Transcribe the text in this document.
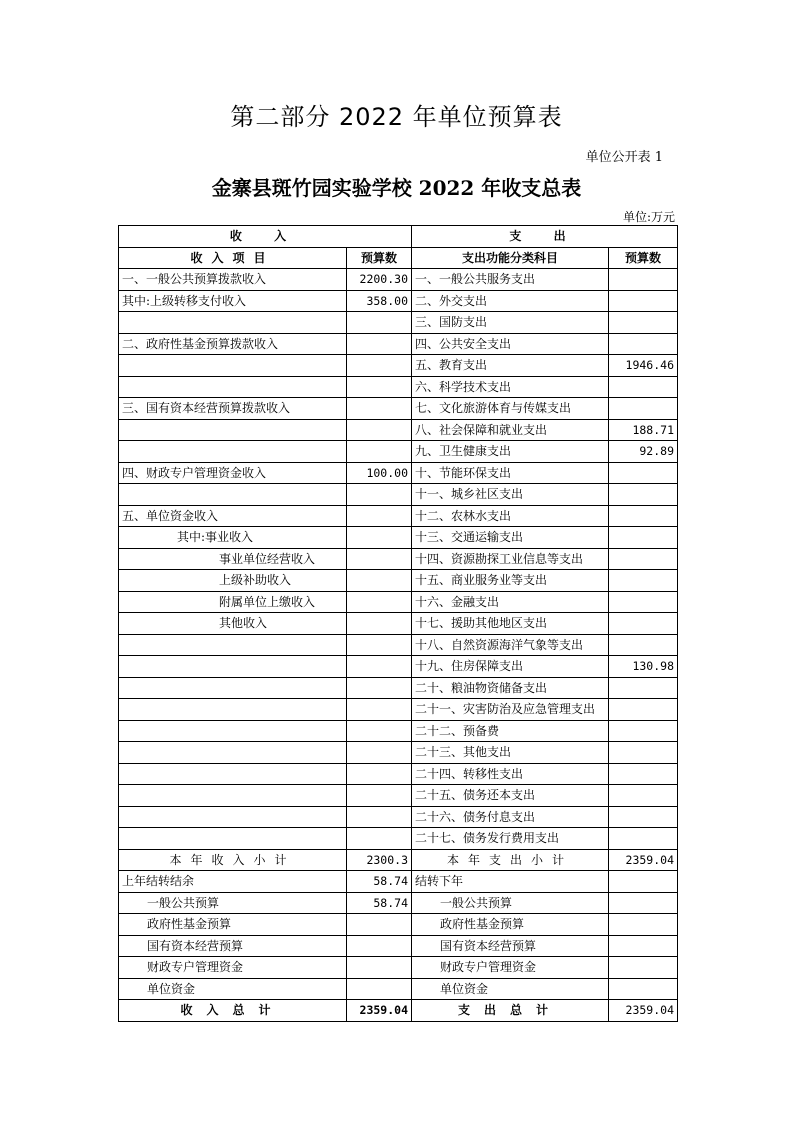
第二部分 2022 年单位预算表
单位公开表 1
金寨县斑竹园实验学校 2022 年收支总表
单位:万元
收 入		支 出	
收入项目	预算数	支出功能分类科目	预算数
一、一般公共预算拨款收入	2200.30	一、一般公共服务支出	
其中:上级转移支付收入	358.00	二、外交支出	
		三、国防支出	
二、政府性基金预算拨款收入		四、公共安全支出	
		五、教育支出	1946.46
		六、科学技术支出	
三、国有资本经营预算拨款收入		七、文化旅游体育与传媒支出	
		八、社会保障和就业支出	188.71
		九、卫生健康支出	92.89
四、财政专户管理资金收入	100.00	十、节能环保支出	
		十一、城乡社区支出	
五、单位资金收入		十二、农林水支出	
其中:事业收入		十三、交通运输支出	
事业单位经营收入		十四、资源勘探工业信息等支出	
上级补助收入		十五、商业服务业等支出	
附属单位上缴收入		十六、金融支出	
其他收入		十七、援助其他地区支出	
		十八、自然资源海洋气象等支出	
		十九、住房保障支出	130.98
		二十、粮油物资储备支出	
		二十一、灾害防治及应急管理支出	
		二十二、预备费	
		二十三、其他支出	
		二十四、转移性支出	
		二十五、债务还本支出	
		二十六、债务付息支出	
		二十七、债务发行费用支出	
本年收入小计	2300.3	本年支出小计	2359.04
上年结转结余	58.74	结转下年	
一般公共预算	58.74	一般公共预算	
政府性基金预算		政府性基金预算	
国有资本经营预算		国有资本经营预算	
财政专户管理资金		财政专户管理资金	
单位资金		单位资金	
收入总计	2359.04	支出总计	2359.04
